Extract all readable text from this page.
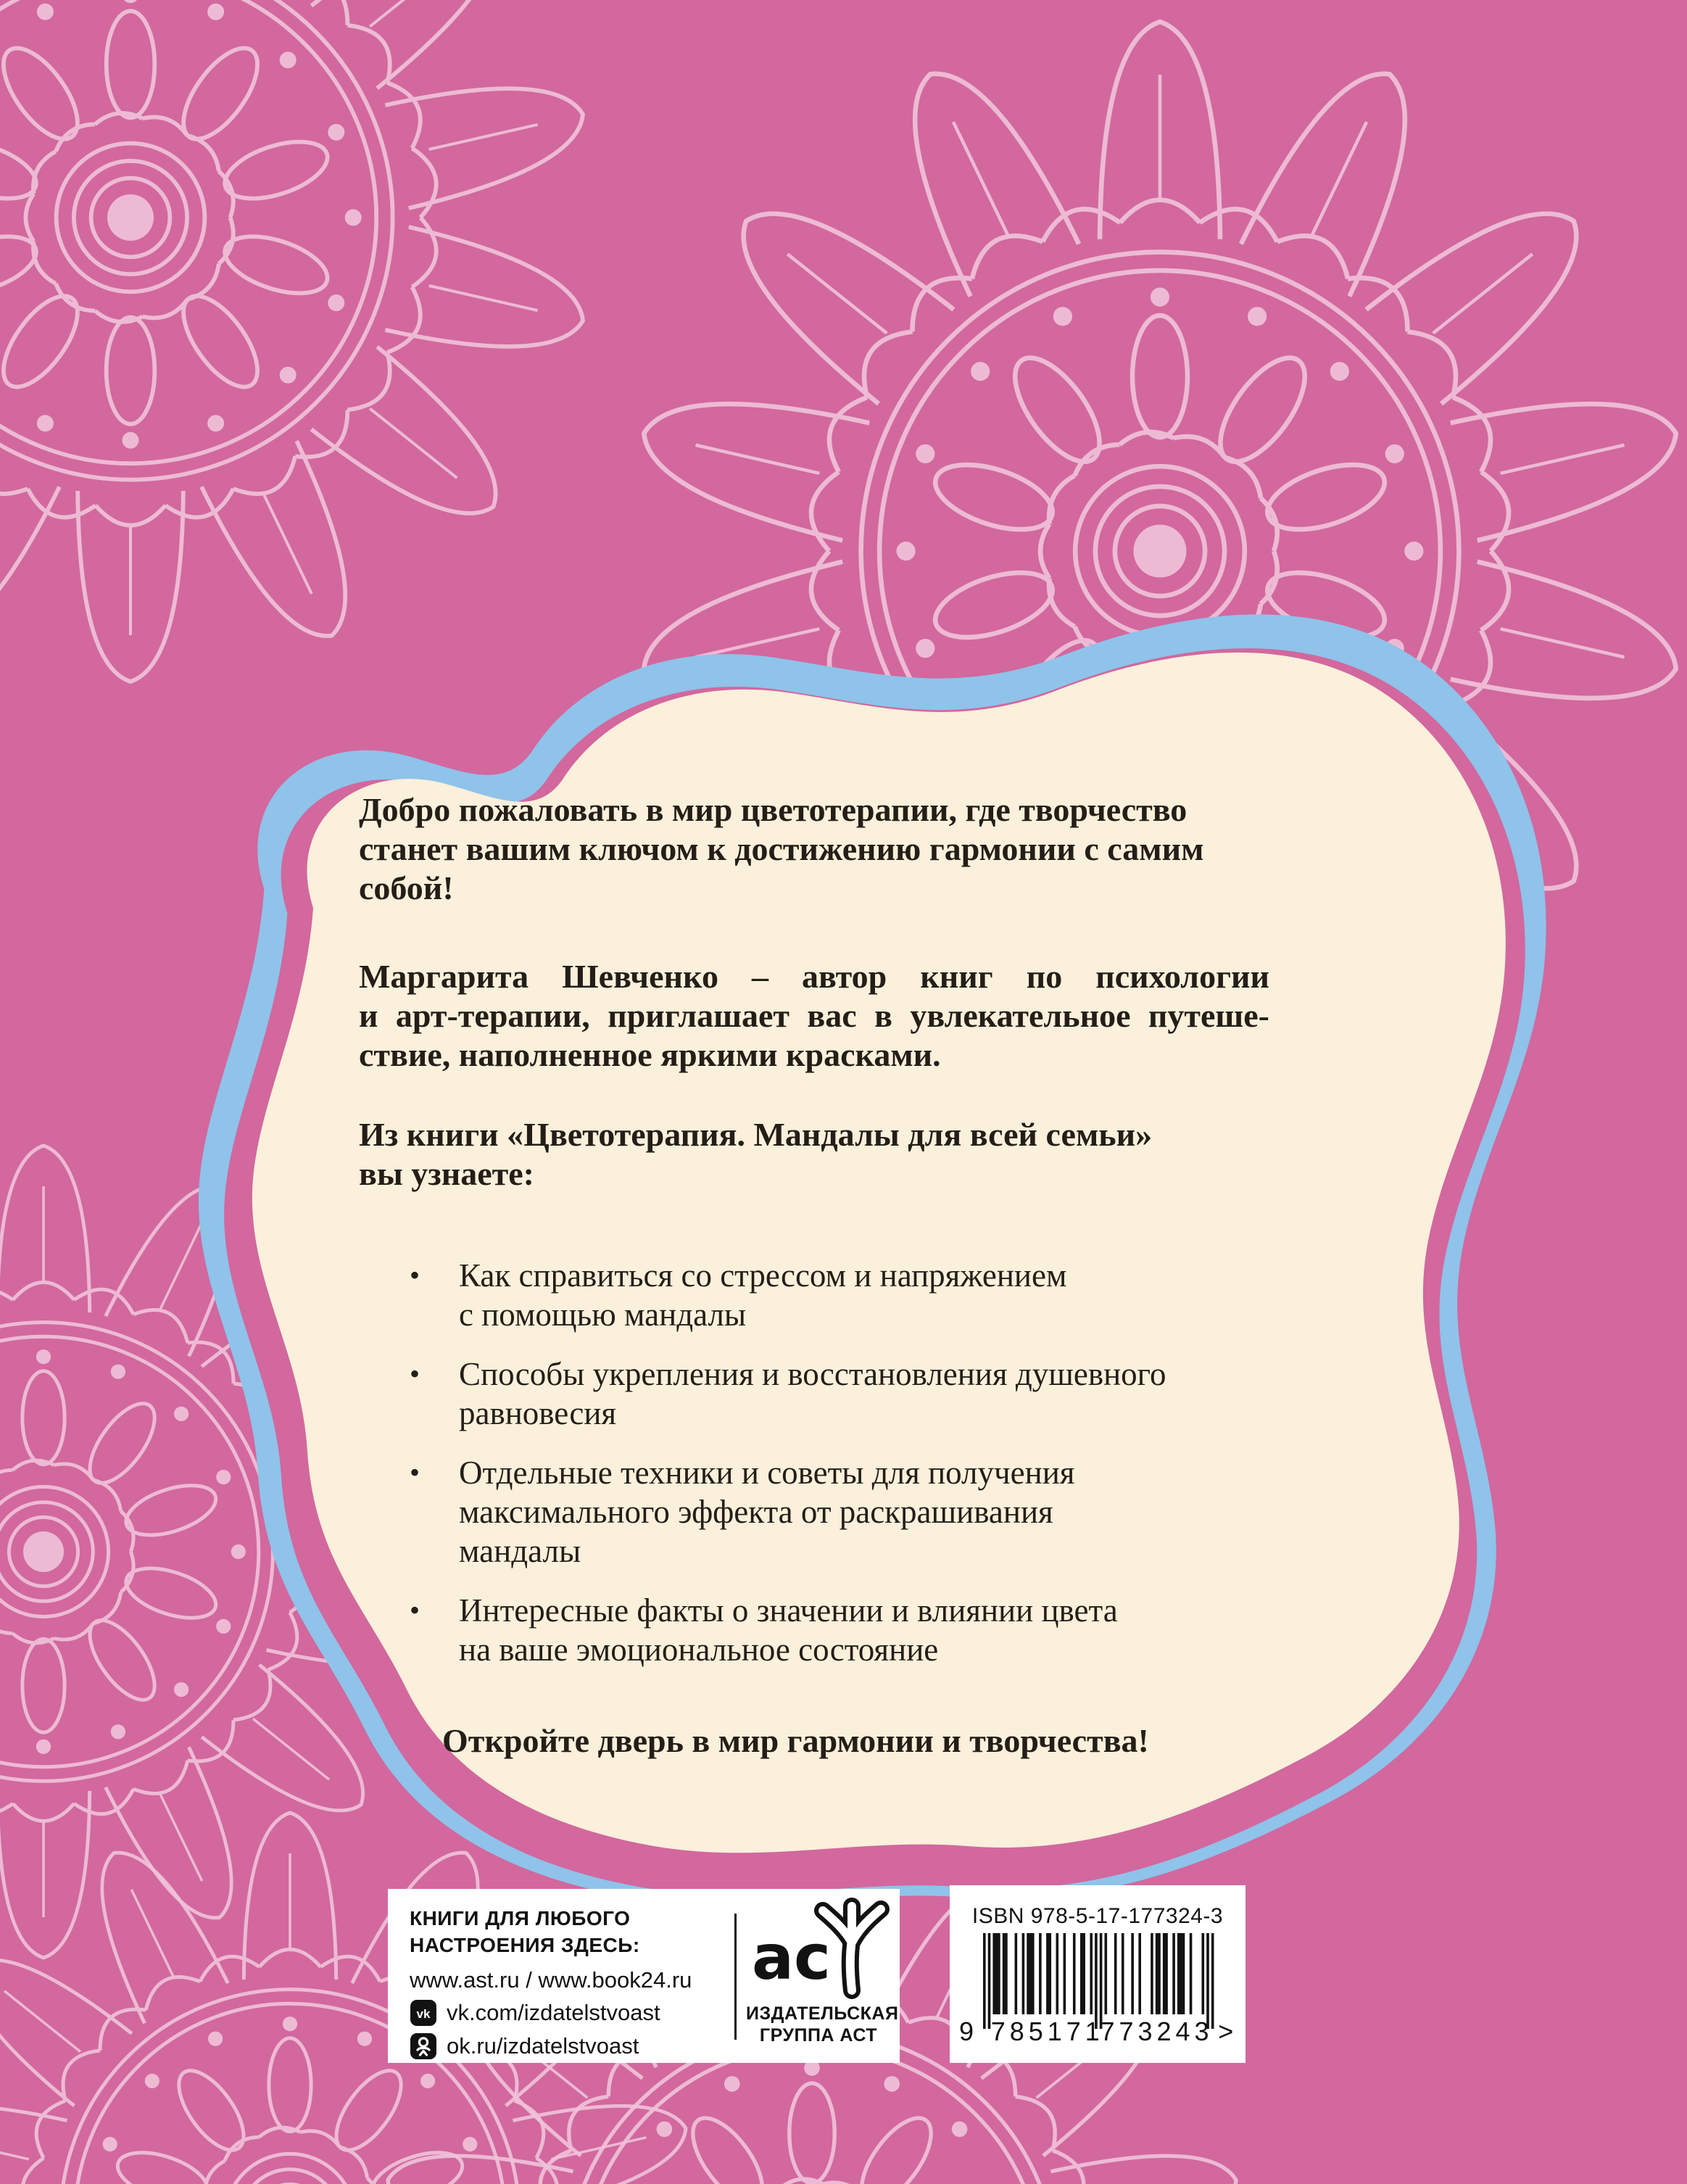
Добро пожаловать в мир цветотерапии, где творчество
станет вашим ключом к достижению гармонии с самим
собой!
Маргарита Шевченко – автор книг по психологии
и арт-терапии, приглашает вас в увлекательное путеше-
ствие, наполненное яркими красками.
Из книги «Цветотерапия. Мандалы для всей семьи»
вы узнаете:
•	Как справиться со стрессом и напряжением
с помощью мандалы
•	Способы укрепления и восстановления душевного
равновесия
•	Отдельные техники и советы для получения
максимального эффекта от раскрашивания
мандалы
•	Интересные факты о значении и влиянии цвета
на ваше эмоциональное состояние
Откройте дверь в мир гармонии и творчества!
КНИГИ ДЛЯ ЛЮБОГО
НАСТРОЕНИЯ ЗДЕСЬ:
www.ast.ru / www.book24.ru
vk vk.com/izdatelstvoast
ok.ru/izdatelstvoast
ас
ИЗДАТЕЛЬСКАЯ
ГРУППА АСТ
ISBN 978-5-17-177324-3
9 785171
773243 >
